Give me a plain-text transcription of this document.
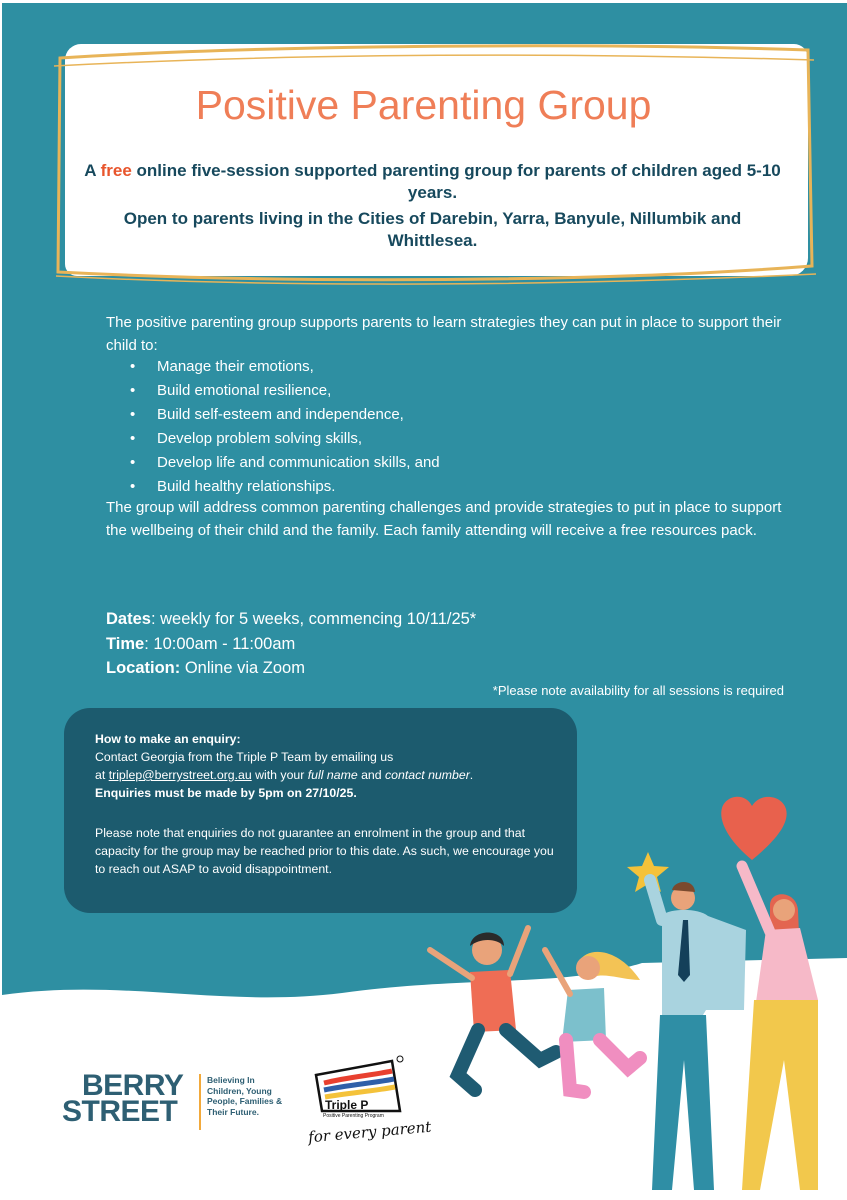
Positive Parenting Group
A free online five-session supported parenting group for parents of children aged 5-10 years.
Open to parents living in the Cities of Darebin, Yarra, Banyule, Nillumbik and Whittlesea.
The positive parenting group supports parents to learn strategies they can put in place to support their child to:
• Manage their emotions,
• Build emotional resilience,
• Build self-esteem and independence,
• Develop problem solving skills,
• Develop life and communication skills, and
• Build healthy relationships.
The group will address common parenting challenges and provide strategies to put in place to support the wellbeing of their child and the family. Each family attending will receive a free resources pack.
Dates: weekly for 5 weeks, commencing 10/11/25*
Time: 10:00am - 11:00am
Location: Online via Zoom
*Please note availability for all sessions is required
How to make an enquiry:
Contact Georgia from the Triple P Team by emailing us
at triplep@berrystreet.org.au with your full name and contact number.
Enquiries must be made by 5pm on 27/10/25.
Please note that enquiries do not guarantee an enrolment in the group and that capacity for the group may be reached prior to this date. As such, we encourage you to reach out ASAP to avoid disappointment.
BERRY
STREET
Believing In Children, Young People, Families & Their Future.	Triple P
Positive Parenting Program
for every parent
